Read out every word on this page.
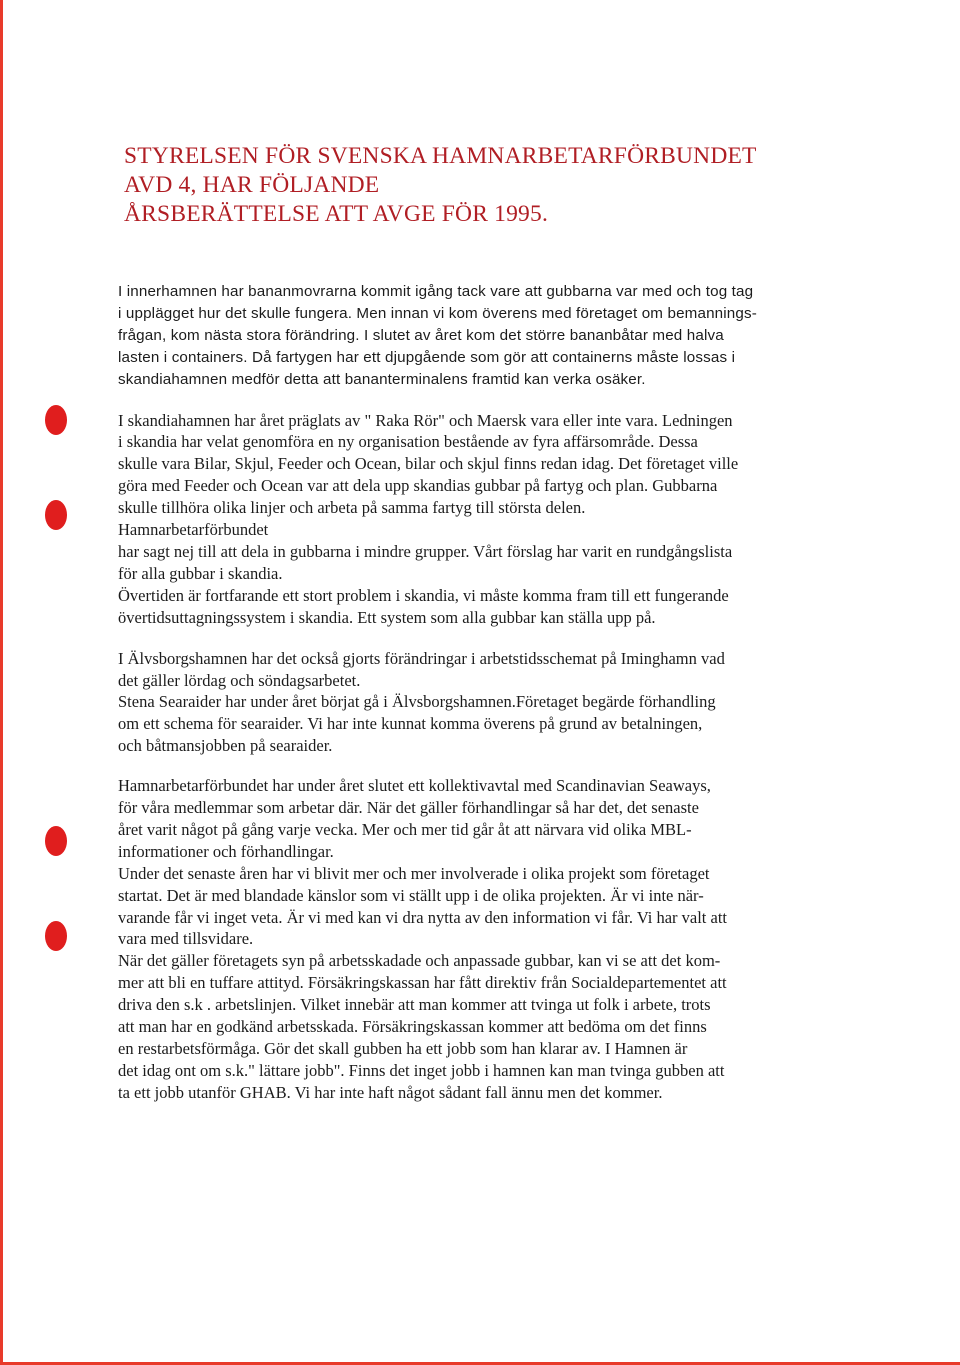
STYRELSEN FÖR SVENSKA HAMNARBETARFÖRBUNDET
AVD 4, HAR FÖLJANDE
ÅRSBERÄTTELSE ATT AVGE FÖR 1995.

I innerhamnen har bananmovrarna kommit igång tack vare att gubbarna var med och tog tag
i upplägget hur det skulle fungera. Men innan vi kom överens med företaget om bemannings-
frågan, kom nästa stora förändring. I slutet av året kom det större bananbåtar med halva
lasten i containers. Då fartygen har ett djupgående som gör att containerns måste lossas i
skandiahamnen medför detta att bananterminalens framtid kan verka osäker.

I skandiahamnen har året präglats av " Raka Rör" och Maersk vara eller inte vara. Ledningen
i skandia har velat genomföra en ny organisation bestående av fyra affärsområde. Dessa
skulle vara Bilar, Skjul, Feeder och Ocean, bilar och skjul finns redan idag. Det företaget ville
göra med Feeder och Ocean var att dela upp skandias gubbar på fartyg och plan. Gubbarna
skulle tillhöra olika linjer och arbeta på samma fartyg till största delen.
Hamnarbetarförbundet
har sagt nej till att dela in gubbarna i mindre grupper. Vårt förslag har varit en rundgångslista
för alla gubbar i skandia.
Övertiden är fortfarande ett stort problem i skandia, vi måste komma fram till ett fungerande
övertidsuttagningssystem i skandia. Ett system som alla gubbar kan ställa upp på.

I Älvsborgshamnen har det också gjorts förändringar i arbetstidsschemat på Iminghamn vad
det gäller lördag och söndagsarbetet.
Stena Searaider har under året börjat gå i Älvsborgshamnen.Företaget begärde förhandling
om ett schema för searaider. Vi har inte kunnat komma överens på grund av betalningen,
och båtmansjobben på searaider.

Hamnarbetarförbundet har under året slutet ett kollektivavtal med Scandinavian Seaways,
för våra medlemmar som arbetar där. När det gäller förhandlingar så har det, det senaste
året varit något på gång varje vecka. Mer och mer tid går åt att närvara vid olika MBL-
informationer och förhandlingar.
Under det senaste åren har vi blivit mer och mer involverade i olika projekt som företaget
startat. Det är med blandade känslor som vi ställt upp i de olika projekten. Är vi inte när-
varande får vi inget veta. Är vi med kan vi dra nytta av den information vi får. Vi har valt att
vara med tillsvidare.
När det gäller företagets syn på arbetsskadade och anpassade gubbar, kan vi se att det kom-
mer att bli en tuffare attityd. Försäkringskassan har fått direktiv från Socialdepartementet att
driva den s.k . arbetslinjen. Vilket innebär att man kommer att tvinga ut folk i arbete, trots
att man har en godkänd arbetsskada. Försäkringskassan kommer att bedöma om det finns
en restarbetsförmåga. Gör det skall gubben ha ett jobb som han klarar av. I Hamnen är
det idag ont om s.k." lättare jobb". Finns det inget jobb i hamnen kan man tvinga gubben att
ta ett jobb utanför GHAB. Vi har inte haft något sådant fall ännu men det kommer.
